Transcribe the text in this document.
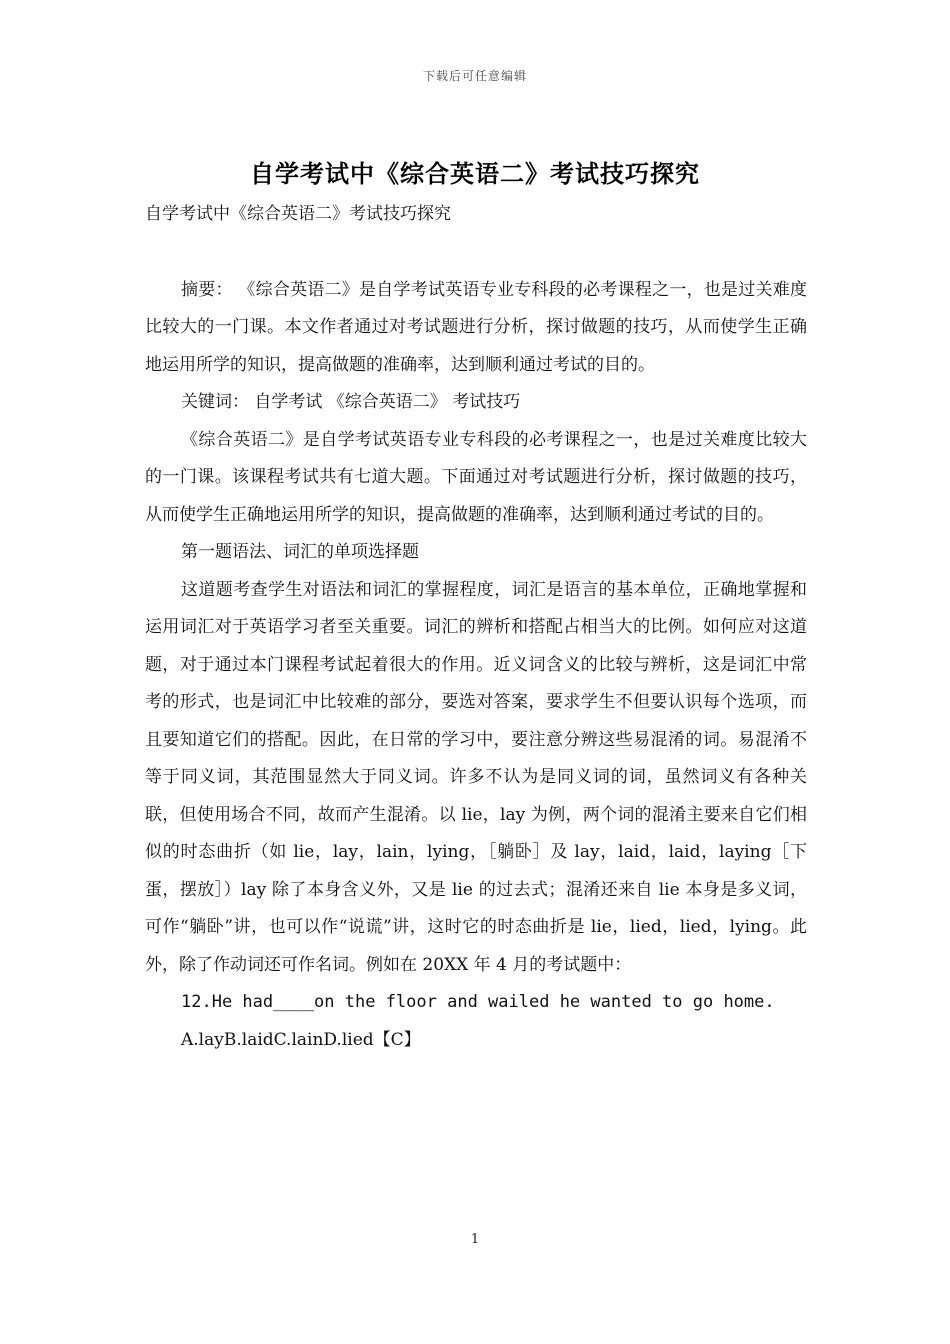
下载后可任意编辑
自学考试中《综合英语二》考试技巧探究

自学考试中《综合英语二》考试技巧探究

摘要： 《综合英语二》是自学考试英语专业专科段的必考课程之一，也是过关难度比较大的一门课。本文作者通过对考试题进行分析，探讨做题的技巧，从而使学生正确地运用所学的知识，提高做题的准确率，达到顺利通过考试的目的。

关键词： 自学考试 《综合英语二》 考试技巧

《综合英语二》是自学考试英语专业专科段的必考课程之一，也是过关难度比较大的一门课。该课程考试共有七道大题。下面通过对考试题进行分析，探讨做题的技巧，从而使学生正确地运用所学的知识，提高做题的准确率，达到顺利通过考试的目的。

第一题语法、词汇的单项选择题

这道题考查学生对语法和词汇的掌握程度，词汇是语言的基本单位，正确地掌握和运用词汇对于英语学习者至关重要。词汇的辨析和搭配占相当大的比例。如何应对这道题，对于通过本门课程考试起着很大的作用。近义词含义的比较与辨析，这是词汇中常考的形式，也是词汇中比较难的部分，要选对答案，要求学生不但要认识每个选项，而且要知道它们的搭配。因此，在日常的学习中，要注意分辨这些易混淆的词。易混淆不等于同义词，其范围显然大于同义词。许多不认为是同义词的词，虽然词义有各种关联，但使用场合不同，故而产生混淆。以 lie，lay 为例，两个词的混淆主要来自它们相似的时态曲折（如 lie，lay，lain，lying，［躺卧］及 lay，laid，laid，laying［下蛋，摆放］）lay 除了本身含义外，又是 lie 的过去式；混淆还来自 lie 本身是多义词，可作“躺卧”讲，也可以作“说谎”讲，这时它的时态曲折是 lie，lied，lied，lying。此外，除了作动词还可作名词。例如在 20XX 年 4 月的考试题中：

12.He had____on the floor and wailed he wanted to go home.

A.layB.laidC.lainD.lied【C】

1
